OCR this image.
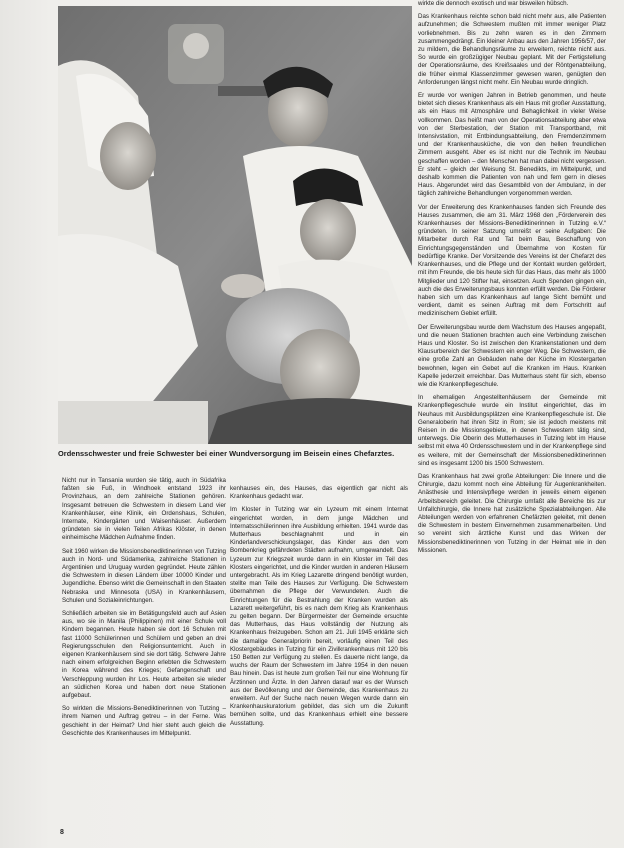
Ordensschwester und freie Schwester bei einer Wundversorgung im Beisein eines Chefarztes.

Nicht nur in Tansania wurden sie tätig, auch in Südafrika faßten sie Fuß, in Windhoek entstand 1923 ihr Provinzhaus, an dem zahlreiche Stationen gehören. Insgesamt betreuen die Schwestern in diesem Land vier Krankenhäuser, eine Klinik, ein Ordenshaus, Schulen, Internate, Kindergärten und Waisenhäuser. Außerdem gründeten sie in vielen Teilen Afrikas Klöster, in denen einheimische Mädchen Aufnahme finden.

Seit 1960 wirken die Missionsbenediktinerinnen von Tutzing auch in Nord- und Südamerika, zahlreiche Stationen in Argentinien und Uruguay wurden gegründet. Heute zählen die Schwestern in diesen Ländern über 10000 Kinder und Jugendliche. Ebenso wirkt die Gemeinschaft in den Staaten Nebraska und Minnesota (USA) in Krankenhäusern, Schulen und Sozialeinrichtungen.

Schließlich arbeiten sie im Betätigungsfeld auch auf Asien aus, wo sie in Manila (Philippinen) mit einer Schule voll Kindern begannen. Heute haben sie dort 16 Schulen mit fast 11000 Schülerinnen und Schülern und geben an drei Regierungsschulen den Religionsunterricht. Auch in eigenen Krankenhäusern sind sie dort tätig. Schwere Jahre nach einem erfolgreichen Beginn erlebten die Schwestern in Korea während des Krieges; Gefangenschaft und Verschleppung wurden ihr Los. Heute arbeiten sie wieder an südlichen Korea und haben dort neue Stationen aufgebaut.

So wirkten die Missions-Benediktinerinnen von Tutzing – ihrem Namen und Auftrag getreu – in der Ferne. Was geschieht in der Heimat? Und hier steht auch gleich die Geschichte des Krankenhauses im Mittelpunkt.

kenhauses ein, des Hauses, das eigentlich gar nicht als Krankenhaus gedacht war.

Im Kloster in Tutzing war ein Lyzeum mit einem Internat eingerichtet worden, in dem junge Mädchen und Internatsschülerinnen ihre Ausbildung erhielten. 1941 wurde das Mutterhaus beschlagnahmt und in ein Kinderlandverschickungslager, das Kinder aus den vom Bombenkrieg gefährdeten Städten aufnahm, umgewandelt. Das Lyzeum zur Kriegszeit wurde dann in ein Kloster im Teil des Klosters eingerichtet, und die Kinder wurden in anderen Häusern untergebracht. Als im Krieg Lazarette dringend benötigt wurden, stellte man Teile des Hauses zur Verfügung. Die Schwestern übernahmen die Pflege der Verwundeten. Auch die Einrichtungen für die Bestrahlung der Kranken wurden als Lazarett weitergeführt, bis es nach dem Krieg als Krankenhaus zu gelten begann. Der Bürgermeister der Gemeinde ersuchte das Mutterhaus, das Haus vollständig der Nutzung als Krankenhaus freizugeben. Schon am 21. Juli 1945 erklärte sich die damalige Generalpriorin bereit, vorläufig einen Teil des Klostergebäudes in Tutzing für ein Zivilkrankenhaus mit 120 bis 150 Betten zur Verfügung zu stellen. Es dauerte nicht lange, da wuchs der Raum der Schwestern im Jahre 1954 in den neuen Bau hinein. Das ist heute zum großen Teil nur eine Wohnung für Ärztinnen und Ärzte. In den Jahren darauf war es der Wunsch aus der Bevölkerung und der Gemeinde, das Krankenhaus zu erweitern. Auf der Suche nach neuen Wegen wurde dann ein Krankenhauskuratorium gebildet, das sich um die Zukunft bemühen sollte, und das Krankenhaus erhielt eine bessere Ausstattung.

wirkte die dennoch exotisch und war bisweilen hübsch.

Das Krankenhaus reichte schon bald nicht mehr aus, alle Patienten aufzunehmen; die Schwestern mußten mit immer weniger Platz vorliebnehmen. Bis zu zehn waren es in den Zimmern zusammengedrängt. Ein kleiner Anbau aus den Jahren 1956/57, der zu mildern, die Behandlungsräume zu erweitern, reichte nicht aus. So wurde ein großzügiger Neubau geplant. Mit der Fertigstellung der Operationsräume, des Kreißsaales und der Röntgenabteilung, die früher einmal Klassenzimmer gewesen waren, genügten den Anforderungen längst nicht mehr. Ein Neubau wurde dringlich.

Er wurde vor wenigen Jahren in Betrieb genommen, und heute bietet sich dieses Krankenhaus als ein Haus mit großer Ausstattung, als ein Haus mit Atmosphäre und Behaglichkeit in vieler Weise vollkommen. Das heißt man von der Operationsabteilung aber etwa von der Sterbestation, der Station mit Transportband, mit Intensivstation, mit Entbindungsabteilung, den Fremdenzimmern und der Krankenhausküche, die von den hellen freundlichen Zimmern ausgeht. Aber es ist nicht nur die Technik im Neubau geschaffen worden – den Menschen hat man dabei nicht vergessen. Er steht – gleich der Weisung St. Benedikts, im Mittelpunkt, und deshalb kommen die Patienten von nah und fern gern in dieses Haus. Abgerundet wird das Gesamtbild von der Ambulanz, in der täglich zahlreiche Behandlungen vorgenommen werden.

Vor der Erweiterung des Krankenhauses fanden sich Freunde des Hauses zusammen, die am 31. März 1968 den „Förderverein des Krankenhauses der Missions-Benediktinerinnen in Tutzing e.V.“ gründeten. In seiner Satzung umreißt er seine Aufgaben: Die Mitarbeiter durch Rat und Tat beim Bau, Beschaffung von Einrichtungsgegenständen und Übernahme von Kosten für bedürftige Kranke. Der Vorsitzende des Vereins ist der Chefarzt des Krankenhauses, und die Pflege und der Kontakt wurden gefördert, mit ihm Freunde, die bis heute sich für das Haus, das mehr als 1000 Mitglieder und 120 Stifter hat, einsetzen. Auch Spenden gingen ein, auch die des Erweiterungsbaus konnten erfüllt werden. Die Förderer haben sich um das Krankenhaus auf lange Sicht bemüht und verdient, damit es seinen Auftrag mit dem Fortschritt auf medizinischem Gebiet erfüllt.

Der Erweiterungsbau wurde dem Wachstum des Hauses angepaßt, und die neuen Stationen brachten auch eine Verbindung zwischen Haus und Kloster. So ist zwischen den Krankenstationen und dem Klausurbereich der Schwestern ein enger Weg. Die Schwestern, die eine große Zahl an Gebäuden nahe der Küche im Klostergarten bewohnen, legen ein Gebet auf die Kranken im Haus. Kranken Kapelle jederzeit erreichbar. Das Mutterhaus steht für sich, ebenso wie die Krankenpflegeschule.

In ehemaligen Angestelltenhäusern der Gemeinde mit Krankenpflegeschule wurde ein Institut eingerichtet, das im Neuhaus mit Ausbildungsplätzen eine Krankenpflegeschule ist. Die Generaloberin hat ihren Sitz in Rom; sie ist jedoch meistens mit Reisen in die Missionsgebiete, in denen Schwestern tätig sind, unterwegs. Die Oberin des Mutterhauses in Tutzing lebt im Hause selbst mit etwa 40 Ordensschwestern und in der Krankenpflege sind es weitere, mit der Gemeinschaft der Missionsbenediktinerinnen sind es insgesamt 1200 bis 1500 Schwestern.

Das Krankenhaus hat zwei große Abteilungen: Die Innere und die Chirurgie, dazu kommt noch eine Abteilung für Augenkrankheiten. Anästhesie und Intensivpflege werden in jeweils einem eigenen Arbeitsbereich geleitet. Die Chirurgie umfaßt alle Bereiche bis zur Unfallchirurgie, die Innere hat zusätzliche Spezialabteilungen. Alle Abteilungen werden von erfahrenen Chefärzten geleitet, mit denen die Schwestern in bestem Einvernehmen zusammenarbeiten. Und so vereint sich ärztliche Kunst und das Wirken der Missionsbenediktinerinnen von Tutzing in der Heimat wie in den Missionen.

8
